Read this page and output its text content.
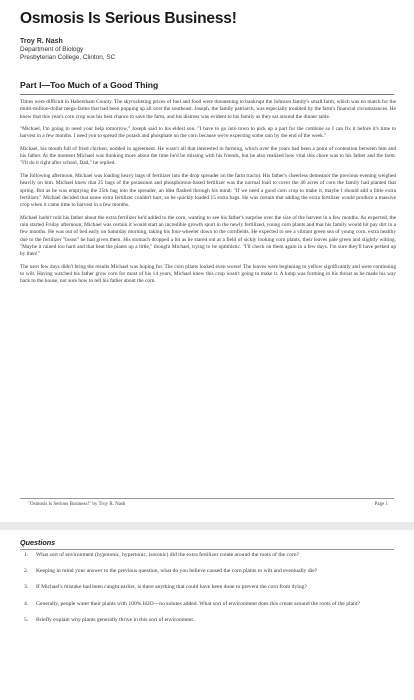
Osmosis Is Serious Business!
Troy R. Nash
Department of Biology
Presbyterian College, Clinton, SC
Part I—Too Much of a Good Thing

Times were difficult in Habersham County. The skyrocketing prices of fuel and food were threatening to bankrupt the Johnson family's small farm, which was no match for the multi-million-dollar mega-farms that had been popping up all over the southeast. Joseph, the family patriarch, was especially troubled by the farm's financial circumstances. He knew that this year's corn crop was his best chance to save the farm, and his distress was evident to his family as they sat around the dinner table.

"Michael, I'm going to need your help tomorrow," Joseph said to his eldest son. "I have to go into town to pick up a part for the combine so I can fix it before it's time to harvest in a few months. I need you to spread the potash and phosphate on the corn because we're expecting some rain by the end of the week."

Michael, his mouth full of fried chicken, nodded in agreement. He wasn't all that interested in farming, which over the years had been a point of contention between him and his father. At the moment Michael was thinking more about the time he'd be missing with his friends, but he also realized how vital this chore was to his father and the farm. "I'll do it right after school, Dad," he replied.

The following afternoon, Michael was loading heavy bags of fertilizer into the drop spreader on the farm tractor. His father's cheerless demeanor the previous evening weighed heavily on him. Michael knew that 25 bags of the potassium and phosphorous-based fertilizer was the normal load to cover the 40 acres of corn the family had planted that spring. But as he was emptying the 25th bag into the spreader, an idea flashed through his mind: "If we need a good corn crop to make it, maybe I should add a little extra fertilizer." Michael decided that some extra fertilizer couldn't hurt, so he quickly loaded 15 extra bags. He was certain that adding the extra fertilizer would produce a massive crop when it came time to harvest in a few months.

Michael hadn't told his father about the extra fertilizer he'd added to the corn, wanting to see his father's surprise over the size of the harvest in a few months. As expected, the rain started Friday afternoon; Michael was certain it would start an incredible growth spurt in the newly fertilized, young corn plants and that his family would hit pay dirt in a few months. He was out of bed early on Saturday morning, taking his four-wheeler down to the cornfields. He expected to see a vibrant green sea of young corn, extra healthy due to the fertilizer "boost" he had given them. His stomach dropped a bit as he stared out at a field of sickly looking corn plants, their leaves pale green and slightly wilting. "Maybe it rained too hard and that beat the plants up a little," thought Michael, trying to be optimistic. "I'll check on them again in a few days. I'm sure they'll have perked up by then!"

The next few days didn't bring the results Michael was hoping for. The corn plants looked even worse! The leaves were beginning to yellow significantly and were continuing to wilt. Having watched his father grow corn for most of his 14 years, Michael knew this crop wasn't going to make it. A lump was forming in his throat as he made his way back to the house, not sure how to tell his father about the corn.

"Osmosis Is Serious Business!" by Troy R. Nash	Page 1
Questions
1.	What sort of environment (hypotonic, hypertonic, isotonic) did the extra fertilizer create around the roots of the corn?
2.	Keeping in mind your answer to the previous question, what do you believe caused the corn plants to wilt and eventually die?
3.	If Michael's mistake had been caught earlier, is there anything that could have been done to prevent the corn from dying?
4.	Generally, people water their plants with 100% H2O—no solutes added. What sort of environment does this create around the roots of the plant?
5.	Briefly explain why plants generally thrive in this sort of environment.
